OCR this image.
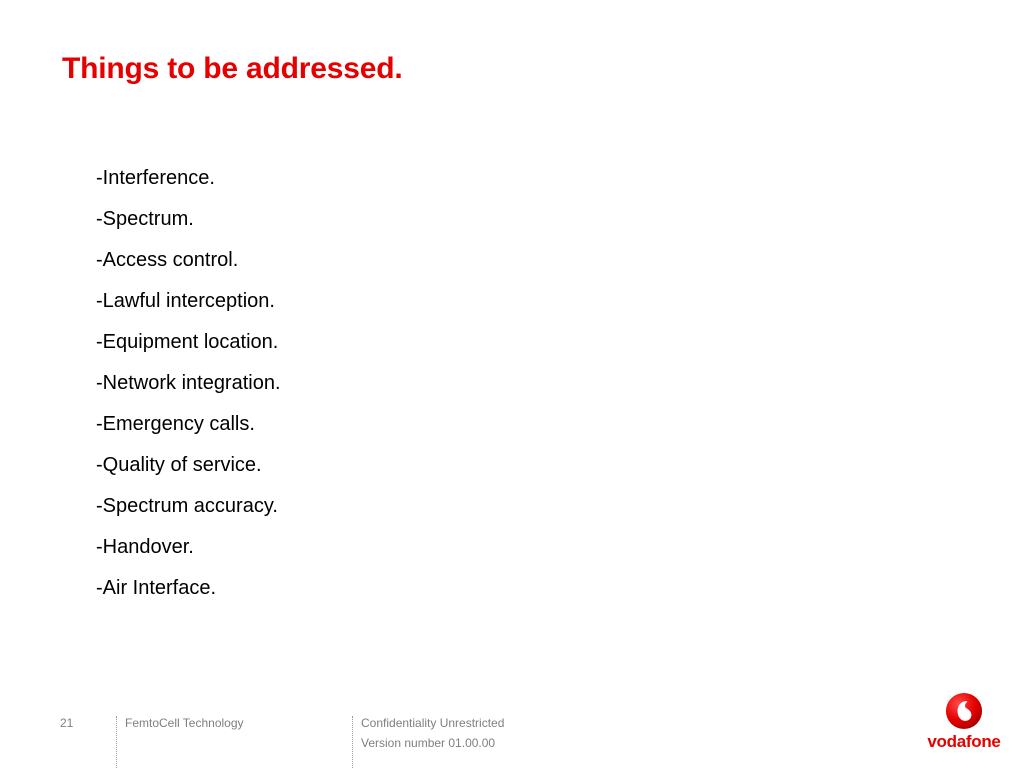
Things to be addressed.
-Interference.
-Spectrum.
-Access control.
-Lawful interception.
-Equipment location.
-Network integration.
-Emergency calls.
-Quality of service.
-Spectrum accuracy.
-Handover.
-Air Interface.
21	FemtoCell Technology	Confidentiality Unrestricted
Version number 01.00.00	vodafone
